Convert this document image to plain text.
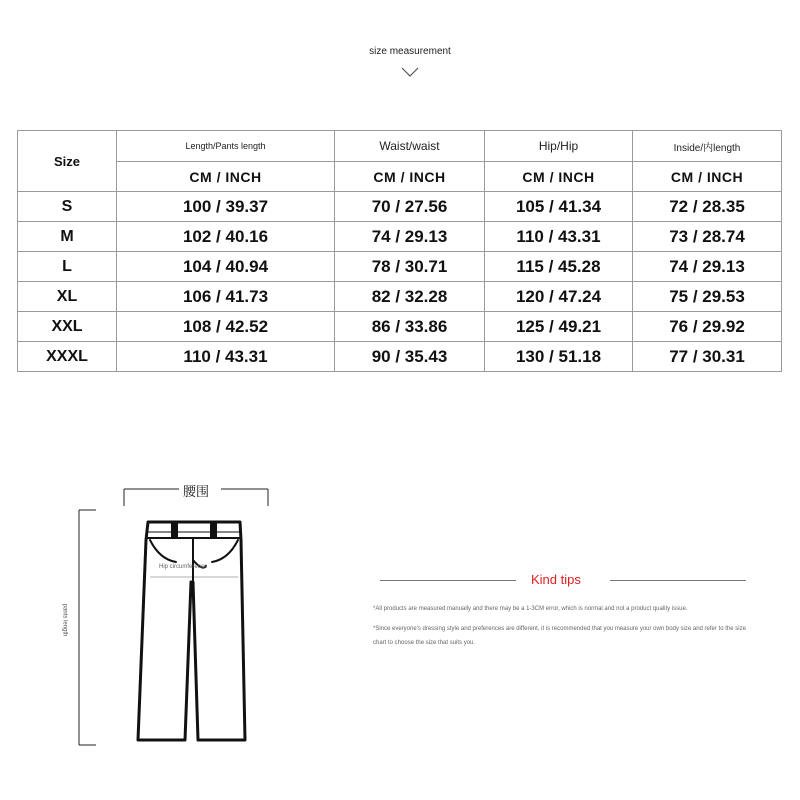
size measurement
Size	Length/Pants length	Waist/waist	Hip/Hip	Inside/内length
	CM / INCH	CM / INCH	CM / INCH	CM / INCH
S	100 / 39.37	70 / 27.56	105 / 41.34	72 / 28.35
M	102 / 40.16	74 / 29.13	110 / 43.31	73 / 28.74
L	104 / 40.94	78 / 30.71	115 / 45.28	74 / 29.13
XL	106 / 41.73	82 / 32.28	120 / 47.24	75 / 29.53
XXL	108 / 42.52	86 / 33.86	125 / 49.21	76 / 29.92
XXXL	110 / 43.31	90 / 35.43	130 / 51.18	77 / 30.31
腰围
Hip circumference
pants length
Kind tips
*All products are measured manually and there may be a 1-3CM error, which is normal and not a product quality issue.
*Since everyone's dressing style and preferences are different, it is recommended that you measure your own body size and refer to the size
chart to choose the size that suits you.
